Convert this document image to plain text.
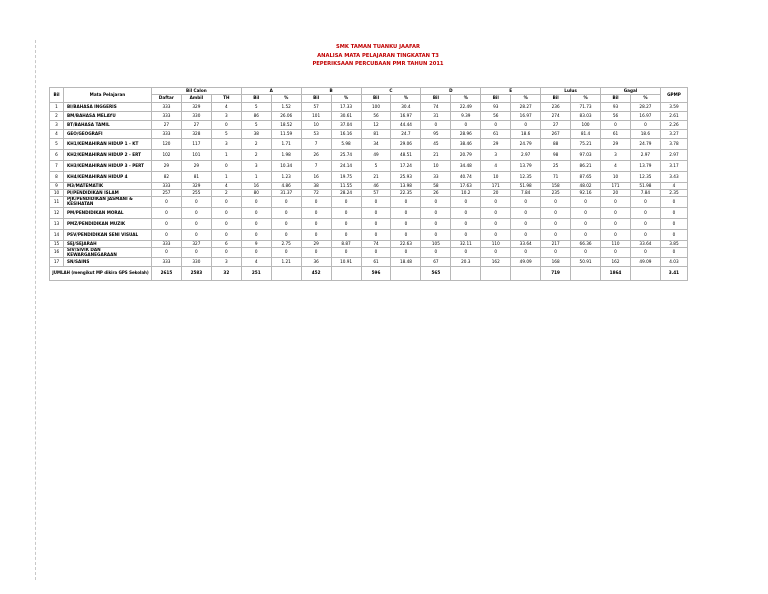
SMK TAMAN TUANKU JAAFAR
ANALISA MATA PELAJARAN TINGKATAN T3
PEPERIKSAAN PERCUBAAN PMR TAHUN 2011
Bil	Mata Pelajaran	Bil Calon			A		B		C		D		E		Lulus		Gagal		GPMP
		Daftar	Ambil	TH	Bil	%	Bil	%	Bil	%	Bil	%	Bil	%	Bil	%	Bil	%	
1	BI/BAHASA INGGERIS	333	329	4	5	1.52	57	17.33	100	30.4	74	22.49	93	28.27	236	71.73	93	28.27	3.59
2	BM/BAHASA MELAYU	333	330	3	86	26.06	101	30.61	56	16.97	31	9.39	56	16.97	274	83.03	56	16.97	2.61
3	BT/BAHASA TAMIL	27	27	0	5	18.52	10	37.04	12	44.44	0	0	0	0	27	100	0	0	2.26
4	GEO/GEOGRAFI	333	328	5	38	11.59	53	16.16	81	24.7	95	28.96	61	18.6	267	81.4	61	18.6	3.27
5	KH1/KEMAHIRAN HIDUP 1 - KT	120	117	3	2	1.71	7	5.98	34	29.06	45	38.46	29	24.79	88	75.21	29	24.79	3.78
6	KH2/KEMAHIRAN HIDUP 2 - ERT	102	101	1	2	1.98	26	25.74	49	48.51	21	20.79	3	2.97	98	97.03	3	2.97	2.97
7	KH3/KEMAHIRAN HIDUP 3 - PERT	29	29	0	3	10.34	7	24.14	5	17.24	10	34.48	4	13.79	25	86.21	4	13.79	3.17
8	KH4/KEMAHIRAN HIDUP 4	82	81	1	1	1.23	16	19.75	21	25.93	33	40.74	10	12.35	71	87.65	10	12.35	3.43
9	M3/MATEMATIK	333	329	4	16	4.86	38	11.55	46	13.98	58	17.63	171	51.98	158	48.02	171	51.98	4
10	PI/PENDIDIKAN ISLAM	257	255	2	80	31.37	72	28.24	57	22.35	26	10.2	20	7.84	235	92.16	20	7.84	2.35
11	PJK/PENDIDIKAN JASMANI & KESIHATAN	0	0	0	0	0	0	0	0	0	0	0	0	0	0	0	0	0	0
12	PM/PENDIDIKAN MORAL	0	0	0	0	0	0	0	0	0	0	0	0	0	0	0	0	0	0
13	PMZ/PENDIDIKAN MUZIK	0	0	0	0	0	0	0	0	0	0	0	0	0	0	0	0	0	0
14	PSV/PENDIDIKAN SENI VISUAL	0	0	0	0	0	0	0	0	0	0	0	0	0	0	0	0	0	0
15	SEJ/SEJARAH	333	327	6	9	2.75	29	8.87	74	22.63	105	32.11	110	33.64	217	66.36	110	33.64	3.85
16	SIV/SIVIK DAN KEWARGANEGARAAN	0	0	0	0	0	0	0	0	0	0	0	0	0	0	0	0	0	0
17	SN/SAINS	333	330	3	4	1.21	36	10.91	61	18.48	67	20.3	162	49.09	168	50.91	162	49.09	4.03
JUMLAH (mengikut MP dikira GPS Sekolah)		2615	2583	32	251		452		596		565				719		1864		3.41
